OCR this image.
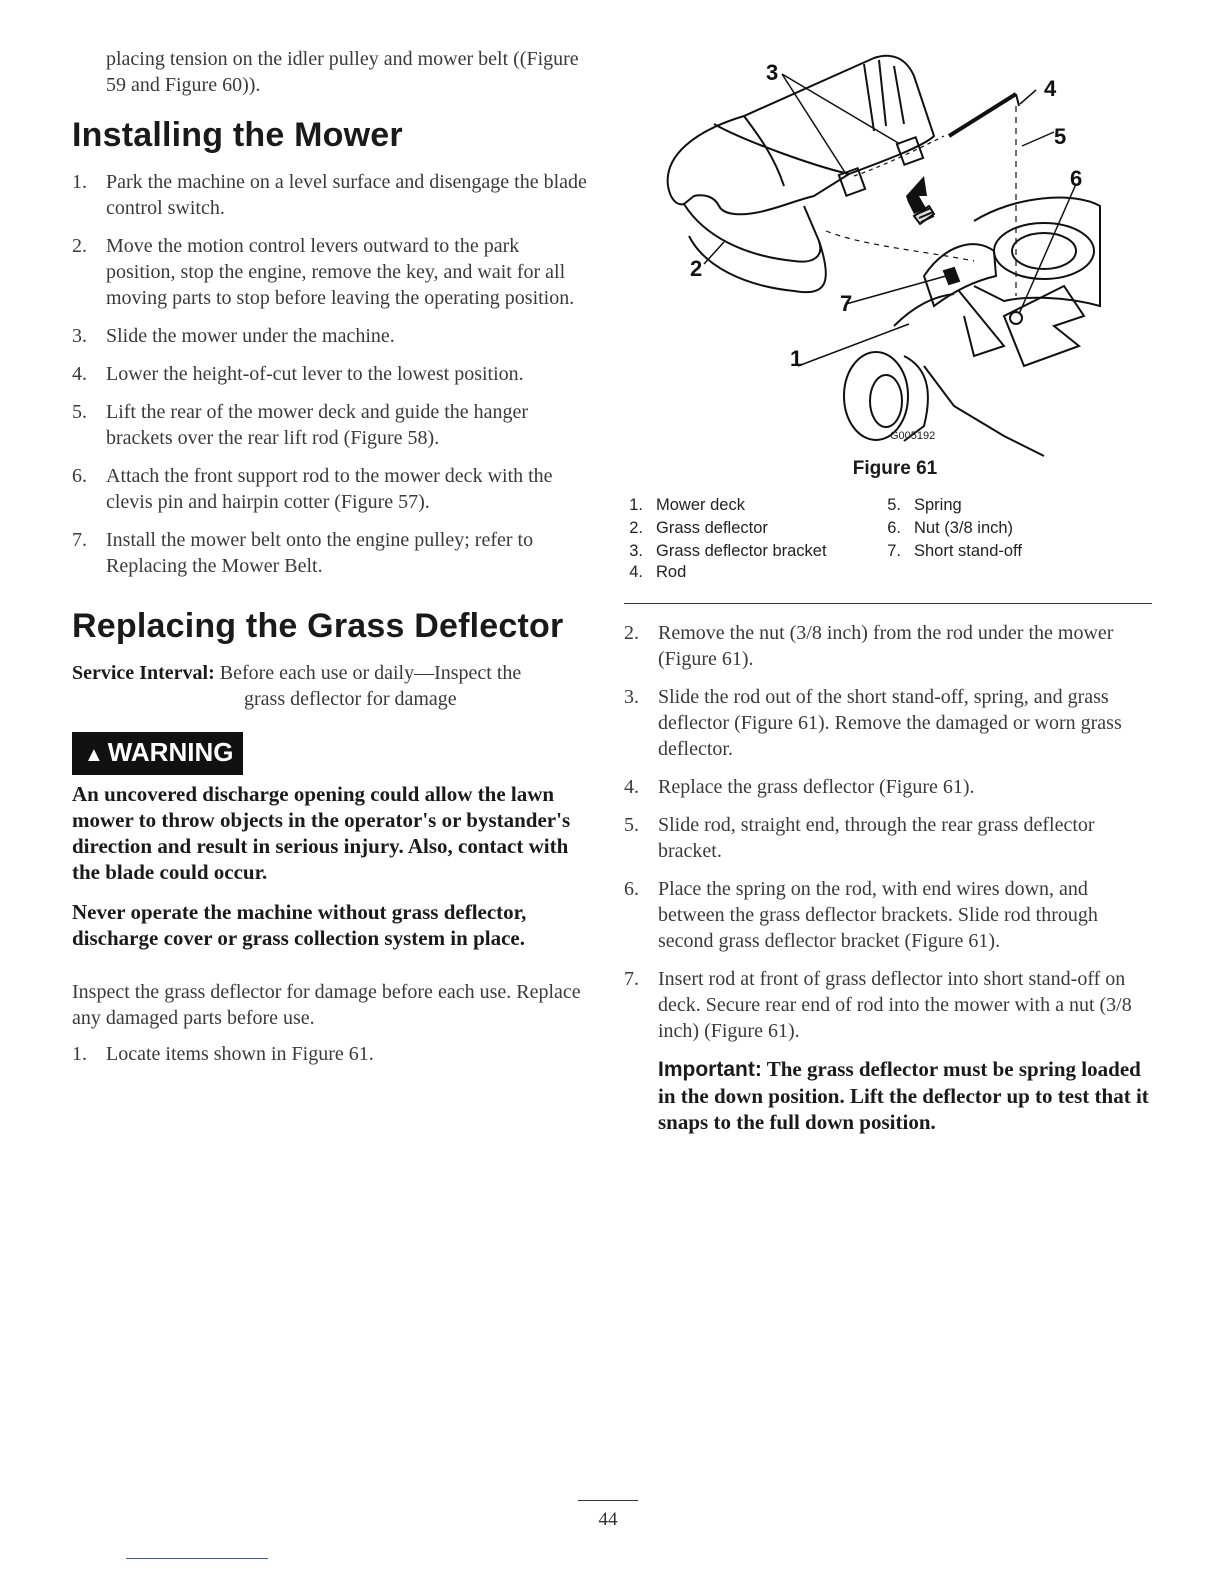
placing tension on the idler pulley and mower belt ((Figure 59 and Figure 60)).

Installing the Mower
1. Park the machine on a level surface and disengage the blade control switch.
2. Move the motion control levers outward to the park position, stop the engine, remove the key, and wait for all moving parts to stop before leaving the operating position.
3. Slide the mower under the machine.
4. Lower the height-of-cut lever to the lowest position.
5. Lift the rear of the mower deck and guide the hanger brackets over the rear lift rod (Figure 58).
6. Attach the front support rod to the mower deck with the clevis pin and hairpin cotter (Figure 57).
7. Install the mower belt onto the engine pulley; refer to Replacing the Mower Belt.
Replacing the Grass Deflector
Service Interval: Before each use or daily—Inspect the
grass deflector for damage
▲ WARNING

An uncovered discharge opening could allow the lawn mower to throw objects in the operator's or bystander's direction and result in serious injury. Also, contact with the blade could occur.

Never operate the machine without grass deflector, discharge cover or grass collection system in place.

Inspect the grass deflector for damage before each use. Replace any damaged parts before use.

1. Locate items shown in Figure 61.
3
4
5
6
2
7
1
G005192
Figure 61
1. Mower deck	5. Spring
2. Grass deflector	6. Nut (3/8 inch)
3. Grass deflector bracket	7. Short stand-off
4. Rod
2. Remove the nut (3/8 inch) from the rod under the mower (Figure 61).
3. Slide the rod out of the short stand-off, spring, and grass deflector (Figure 61). Remove the damaged or worn grass deflector.
4. Replace the grass deflector (Figure 61).
5. Slide rod, straight end, through the rear grass deflector bracket.
6. Place the spring on the rod, with end wires down, and between the grass deflector brackets. Slide rod through second grass deflector bracket (Figure 61).
7. Insert rod at front of grass deflector into short stand-off on deck. Secure rear end of rod into the mower with a nut (3/8 inch) (Figure 61).

Important: The grass deflector must be spring loaded in the down position. Lift the deflector up to test that it snaps to the full down position.

44
